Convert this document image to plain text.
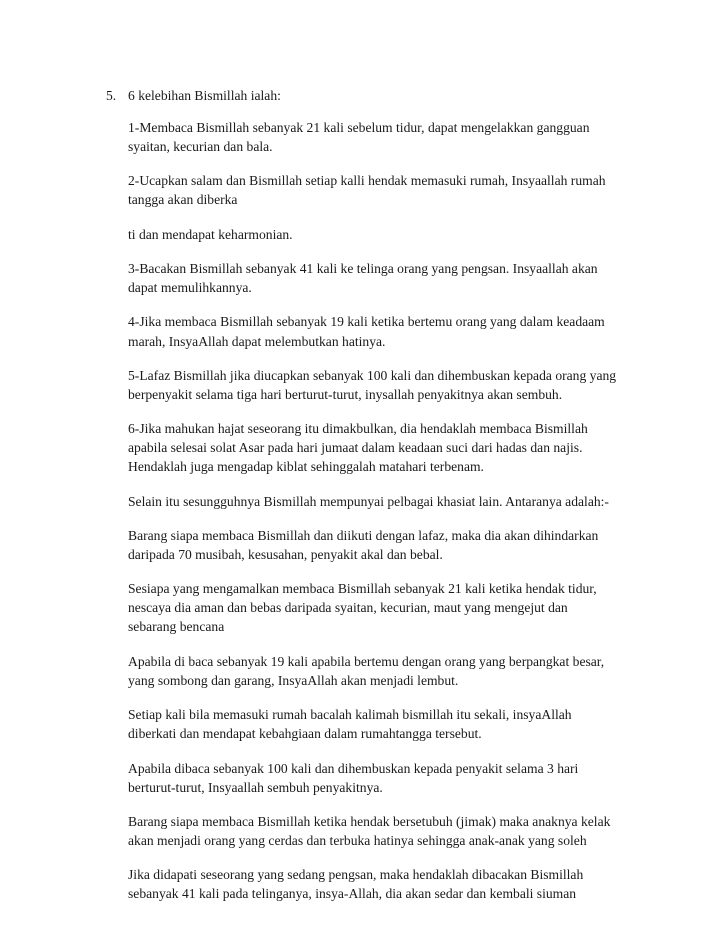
5. 6 kelebihan Bismillah ialah:

1-Membaca Bismillah sebanyak 21 kali sebelum tidur, dapat mengelakkan gangguan
syaitan, kecurian dan bala.

2-Ucapkan salam dan Bismillah setiap kalli hendak memasuki rumah, Insyaallah rumah
tangga akan diberka

ti dan mendapat keharmonian.

3-Bacakan Bismillah sebanyak 41 kali ke telinga orang yang pengsan. Insyaallah akan
dapat memulihkannya.

4-Jika membaca Bismillah sebanyak 19 kali ketika bertemu orang yang dalam keadaam
marah, InsyaAllah dapat melembutkan hatinya.

5-Lafaz Bismillah jika diucapkan sebanyak 100 kali dan dihembuskan kepada orang yang
berpenyakit selama tiga hari berturut-turut, inysallah penyakitnya akan sembuh.

6-Jika mahukan hajat seseorang itu dimakbulkan, dia hendaklah membaca Bismillah
apabila selesai solat Asar pada hari jumaat dalam keadaan suci dari hadas dan najis.
Hendaklah juga mengadap kiblat sehinggalah matahari terbenam.

Selain itu sesungguhnya Bismillah mempunyai pelbagai khasiat lain. Antaranya adalah:-

Barang siapa membaca Bismillah dan diikuti dengan lafaz, maka dia akan dihindarkan
daripada 70 musibah, kesusahan, penyakit akal dan bebal.

Sesiapa yang mengamalkan membaca Bismillah sebanyak 21 kali ketika hendak tidur,
nescaya dia aman dan bebas daripada syaitan, kecurian, maut yang mengejut dan
sebarang bencana

Apabila di baca sebanyak 19 kali apabila bertemu dengan orang yang berpangkat besar,
yang sombong dan garang, InsyaAllah akan menjadi lembut.

Setiap kali bila memasuki rumah bacalah kalimah bismillah itu sekali, insyaAllah
diberkati dan mendapat kebahgiaan dalam rumahtangga tersebut.

Apabila dibaca sebanyak 100 kali dan dihembuskan kepada penyakit selama 3 hari
berturut-turut, Insyaallah sembuh penyakitnya.

Barang siapa membaca Bismillah ketika hendak bersetubuh (jimak) maka anaknya kelak
akan menjadi orang yang cerdas dan terbuka hatinya sehingga anak-anak yang soleh

Jika didapati seseorang yang sedang pengsan, maka hendaklah dibacakan Bismillah
sebanyak 41 kali pada telinganya, insya-Allah, dia akan sedar dan kembali siuman
